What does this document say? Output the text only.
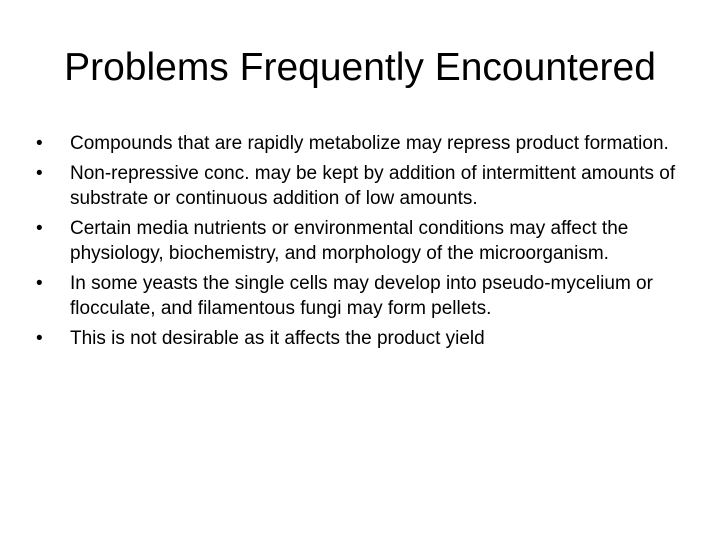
Problems Frequently Encountered
•	Compounds that are rapidly metabolize may repress product formation.
•	Non-repressive conc. may be kept by addition of intermittent amounts of substrate or continuous addition of low amounts.
•	Certain media nutrients or environmental conditions may affect the physiology, biochemistry, and morphology of the microorganism.
•	In some yeasts the single cells may develop into pseudo-mycelium or flocculate, and filamentous fungi may form pellets.
•	This is not desirable as it affects the product yield
